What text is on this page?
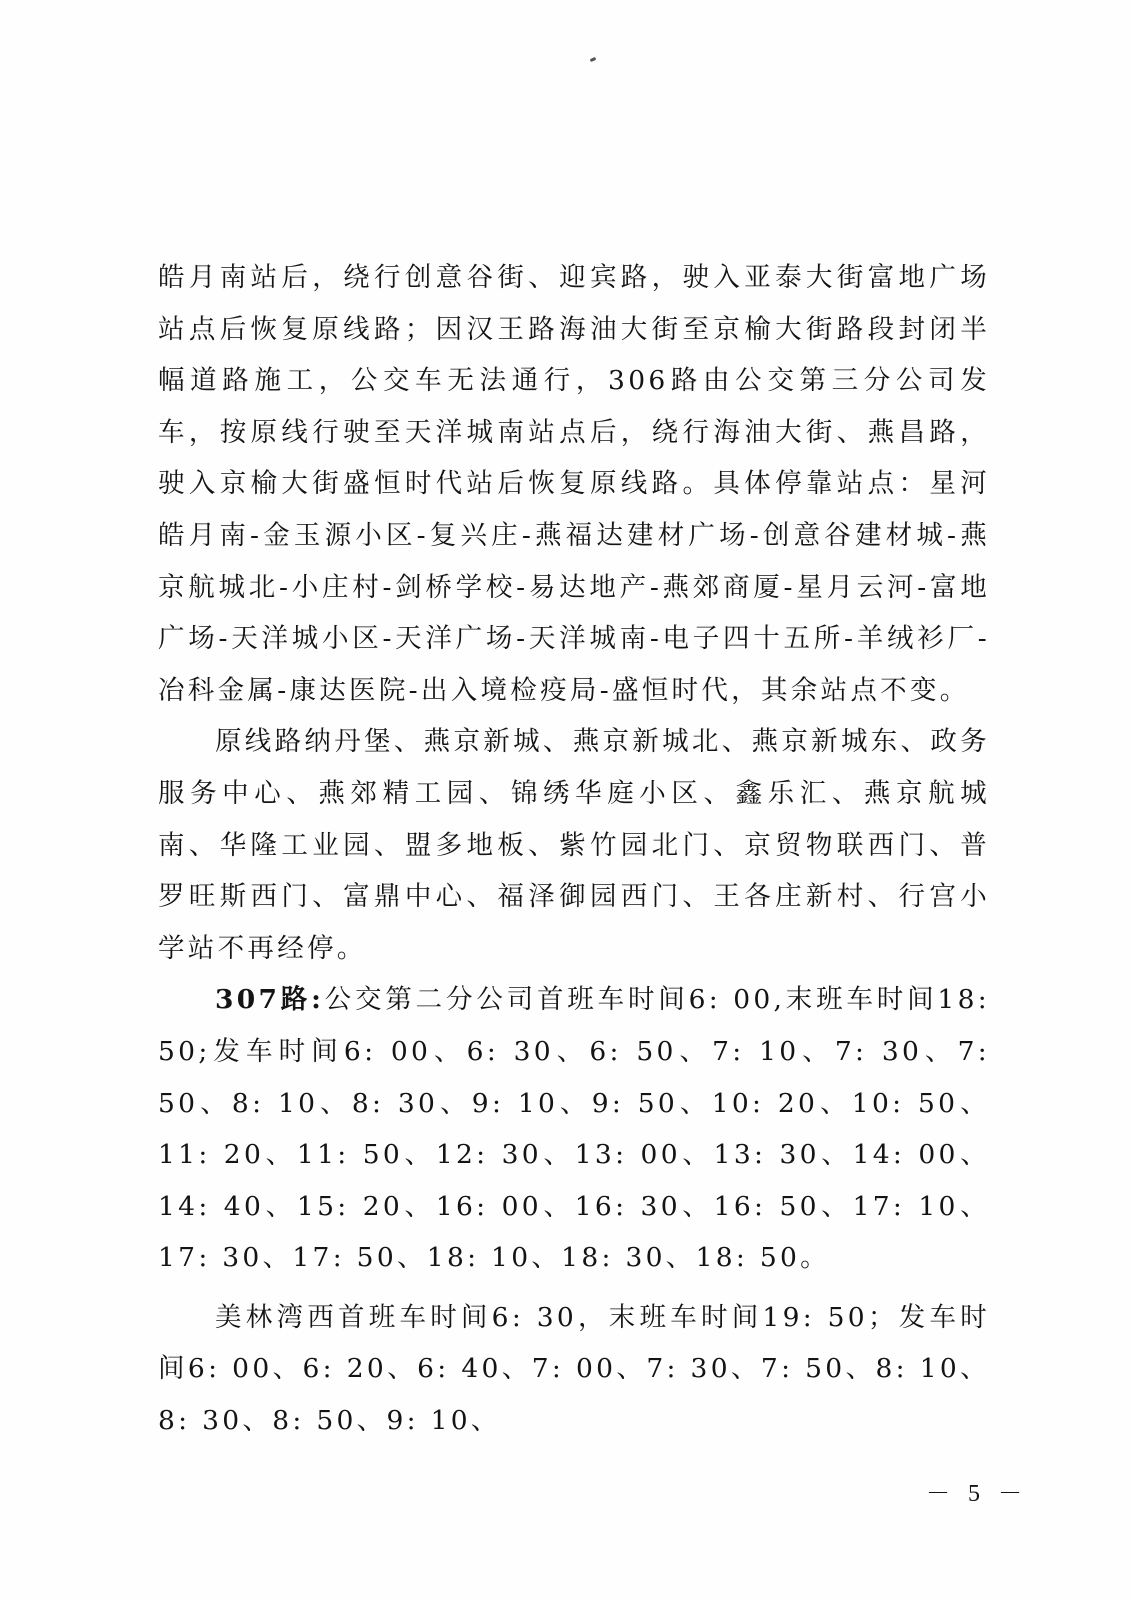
皓月南站后，绕行创意谷街、迎宾路，驶入亚泰大街富地广场站点后恢复原线路；因汉王路海油大街至京榆大街路段封闭半幅道路施工，公交车无法通行，306路由公交第三分公司发车，按原线行驶至天洋城南站点后，绕行海油大街、燕昌路，驶入京榆大街盛恒时代站后恢复原线路。具体停靠站点：星河皓月南-金玉源小区-复兴庄-燕福达建材广场-创意谷建材城-燕京航城北-小庄村-剑桥学校-易达地产-燕郊商厦-星月云河-富地广场-天洋城小区-天洋广场-天洋城南-电子四十五所-羊绒衫厂-冶科金属-康达医院-出入境检疫局-盛恒时代，其余站点不变。

原线路纳丹堡、燕京新城、燕京新城北、燕京新城东、政务服务中心、燕郊精工园、锦绣华庭小区、鑫乐汇、燕京航城南、华隆工业园、盟多地板、紫竹园北门、京贸物联西门、普罗旺斯西门、富鼎中心、福泽御园西门、王各庄新村、行宫小学站不再经停。

307路:公交第二分公司首班车时间6: 00,末班车时间18: 50;发车时间6: 00、6: 30、6: 50、7: 10、7: 30、7: 50、8: 10、8: 30、9: 10、9: 50、10: 20、10: 50、11: 20、11: 50、12: 30、13: 00、13: 30、14: 00、14: 40、15: 20、16: 00、16: 30、16: 50、17: 10、17: 30、17: 50、18: 10、18: 30、18: 50。

美林湾西首班车时间6: 30，末班车时间19: 50；发车时间6: 00、6: 20、6: 40、7: 00、7: 30、7: 50、8: 10、8: 30、8: 50、9: 10、

－ 5 －
